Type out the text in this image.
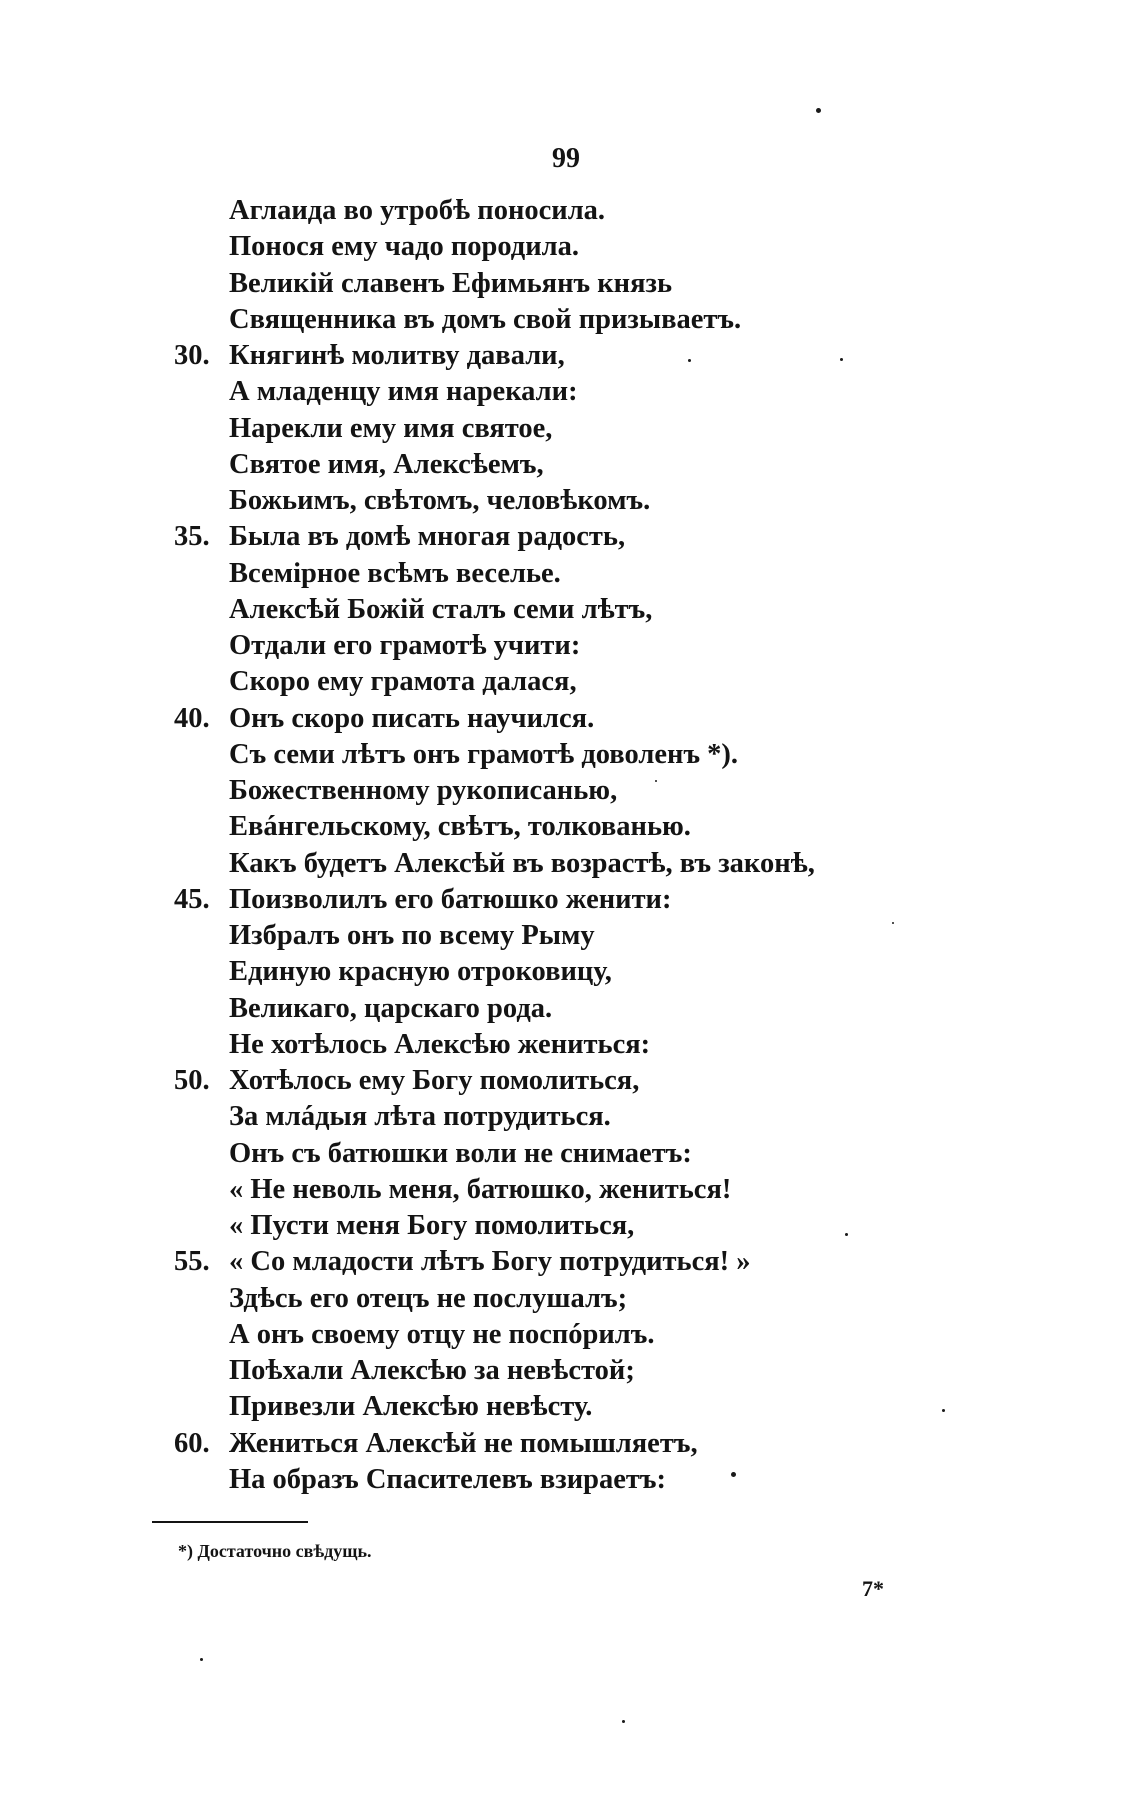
99
Аглаида во утробѣ поносила.
Понося ему чадо породила.
Великій славенъ Ефимьянъ князь
Священника въ домъ свой призываетъ.
30. Княгинѣ молитву давали,
А младенцу имя нарекали:
Нарекли ему имя святое,
Святое имя, Алексѣемъ,
Божьимъ, свѣтомъ, человѣкомъ.
35. Была въ домѣ многая радость,
Всемірное всѣмъ веселье.
Алексѣй Божій сталъ семи лѣтъ,
Отдали его грамотѣ учити:
Скоро ему грамота далася,
40. Онъ скоро писать научился.
Съ семи лѣтъ онъ грамотѣ доволенъ *).
Божественному рукописанью,
Евáнгельскому, свѣтъ, толкованью.
Какъ будетъ Алексѣй въ возрастѣ, въ законѣ,
45. Поизволилъ его батюшко женити:
Избралъ онъ по всему Рыму
Единую красную отроковицу,
Великаго, царскаго рода.
Не хотѣлось Алексѣю жениться:
50. Хотѣлось ему Богу помолиться,
За млáдыя лѣта потрудиться.
Онъ съ батюшки воли не снимаетъ:
« Не неволь меня, батюшко, жениться!
« Пусти меня Богу помолиться,
55. « Со младости лѣтъ Богу потрудиться! »
Здѣсь его отецъ не послушалъ;
А онъ своему отцу не поспóрилъ.
Поѣхали Алексѣю за невѣстой;
Привезли Алексѣю невѣсту.
60. Жениться Алексѣй не помышляетъ,
На образъ Спасителевъ взираетъ:
*) Достаточно свѣдущь.
7*
